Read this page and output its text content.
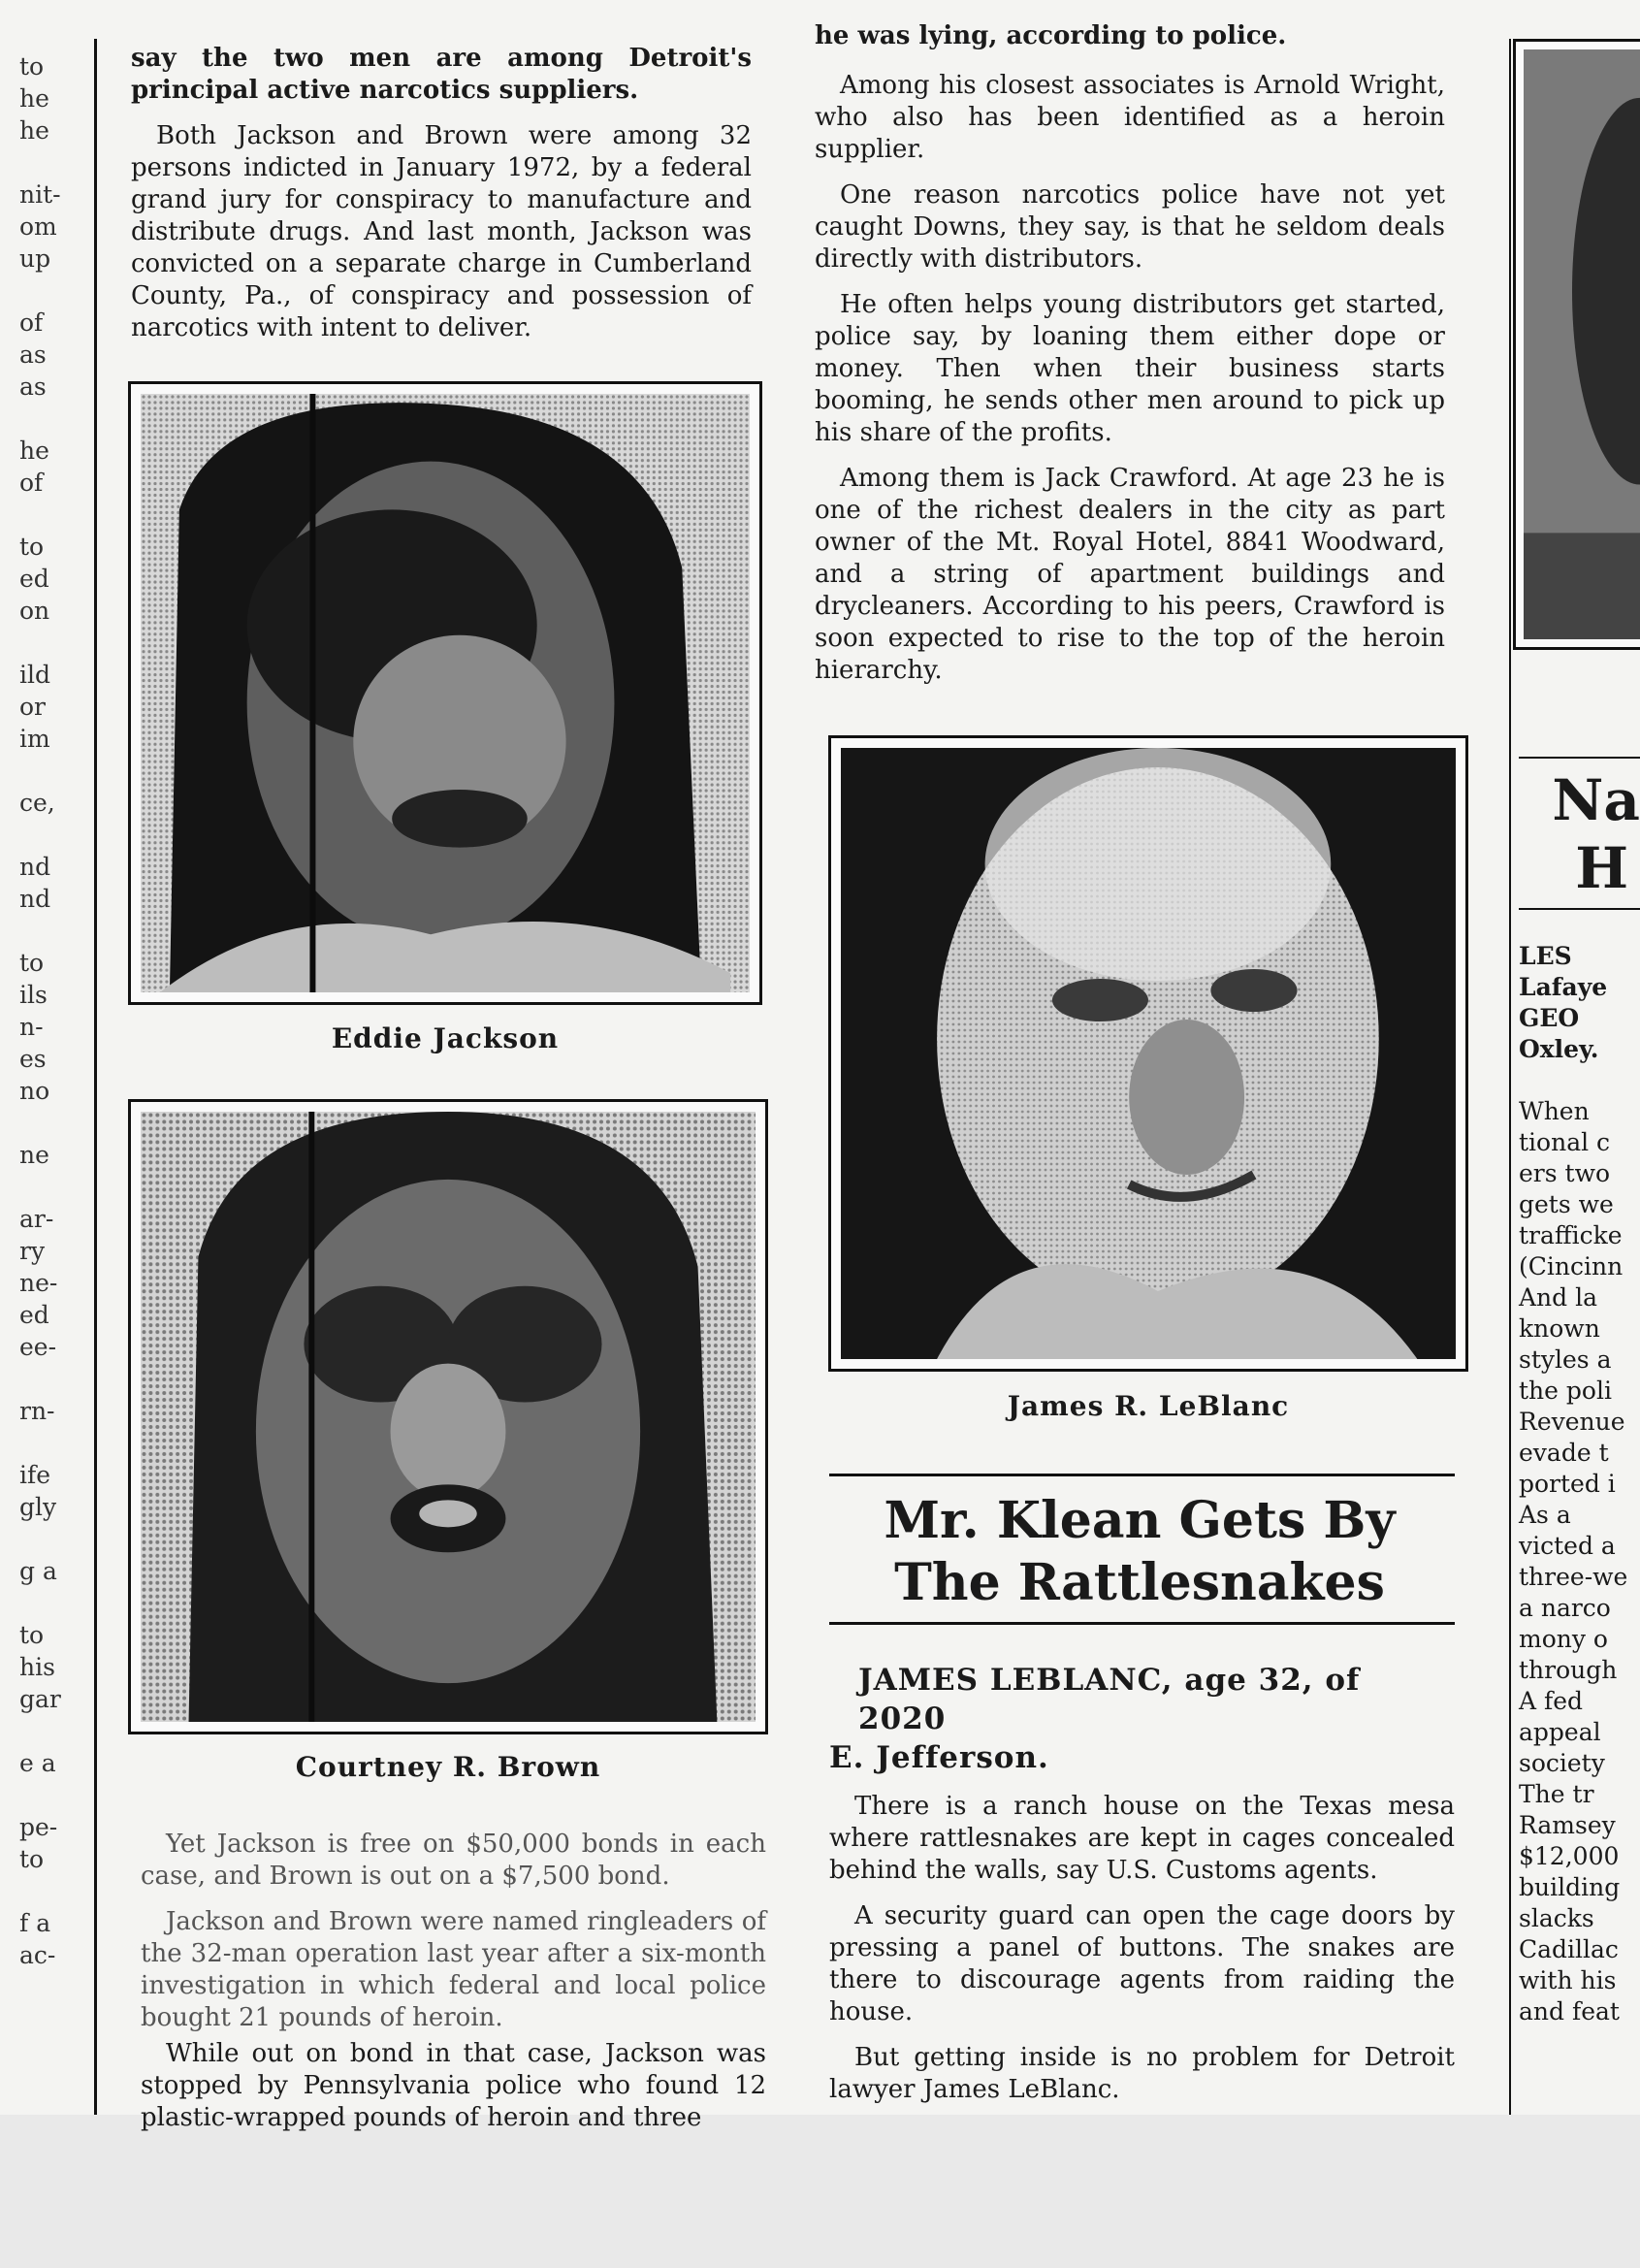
to
he
he
nit-
om
up
of
as
as
he
of
to
ed
on
ild
or
im
ce,
nd
nd
to
ils
n-
es
no
ne
ar-
ry
ne-
ed
ee-
rn-
ife
gly
g a
to
his
gar
e a
pe-
to
f a
ac-

say the two men are among Detroit's principal active narcotics suppliers.

Both Jackson and Brown were among 32 persons indicted in January 1972, by a federal grand jury for conspiracy to manufacture and distribute drugs. And last month, Jackson was convicted on a separate charge in Cumberland County, Pa., of conspiracy and possession of narcotics with intent to deliver.

Eddie Jackson
Courtney R. Brown

Yet Jackson is free on $50,000 bonds in each case, and Brown is out on a $7,500 bond.

Jackson and Brown were named ringleaders of the 32-man operation last year after a six-month investigation in which federal and local police bought 21 pounds of heroin.

While out on bond in that case, Jackson was stopped by Pennsylvania police who found 12 plastic-wrapped pounds of heroin and three

he was lying, according to police.

Among his closest associates is Arnold Wright, who also has been identified as a heroin supplier.

One reason narcotics police have not yet caught Downs, they say, is that he seldom deals directly with distributors.

He often helps young distributors get started, police say, by loaning them either dope or money. Then when their business starts booming, he sends other men around to pick up his share of the profits.

Among them is Jack Crawford. At age 23 he is one of the richest dealers in the city as part owner of the Mt. Royal Hotel, 8841 Woodward, and a string of apartment buildings and drycleaners. According to his peers, Crawford is soon expected to rise to the top of the heroin hierarchy.

James R. LeBlanc
Mr. Klean Gets By
The Rattlesnakes
JAMES LEBLANC, age 32, of 2020
E. Jefferson.

There is a ranch house on the Texas mesa where rattlesnakes are kept in cages concealed behind the walls, say U.S. Customs agents.

A security guard can open the cage doors by pressing a panel of buttons. The snakes are there to discourage agents from raiding the house.

But getting inside is no problem for Detroit lawyer James LeBlanc.

Na
H
LES
Lafaye
GEO
Oxley.
When
tional c
ers two
gets we
trafficke
(Cincinn
And la
known
styles a
the poli
Revenue
evade t
ported i
As a
victed a
three-we
a narco
mony o
through
A fed
appeal
society
The tr
Ramsey
$12,000
building
slacks
Cadillac
with his
and feat
